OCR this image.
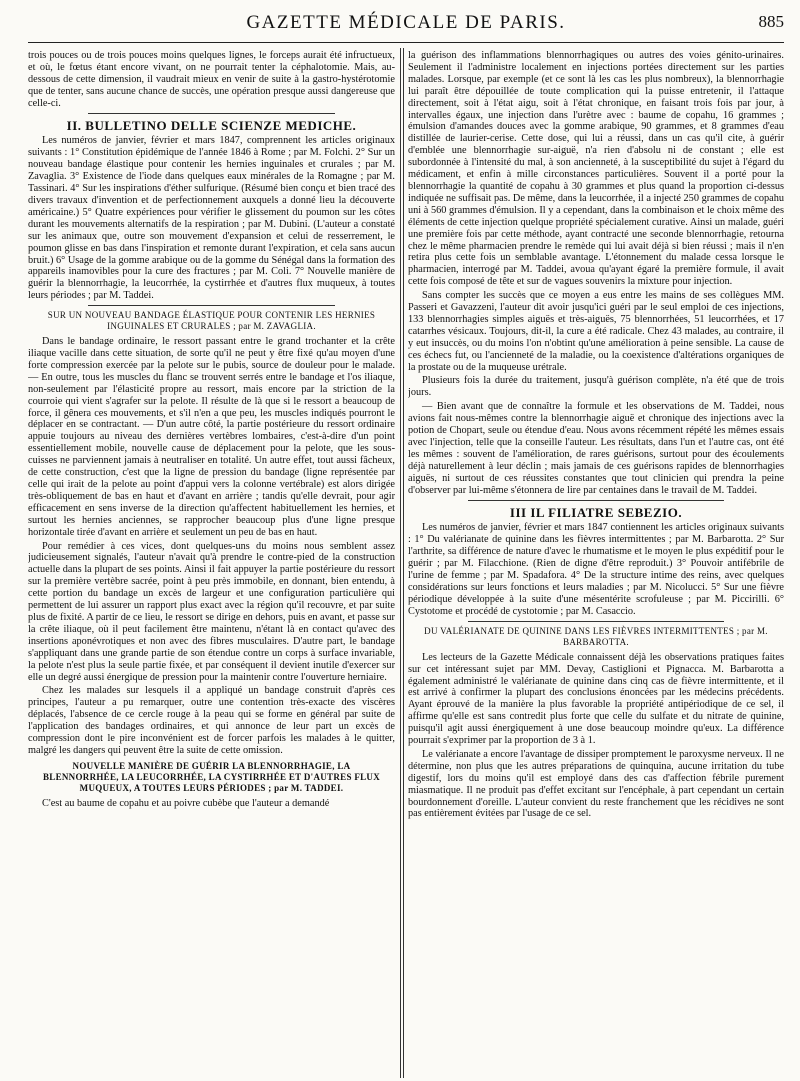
GAZETTE MÉDICALE DE PARIS.	885

trois pouces ou de trois pouces moins quelques lignes, le forceps aurait été infructueux, et où, le fœtus étant encore vivant, on ne pourrait tenter la céphalotomie. Mais, au-dessous de cette dimension, il vaudrait mieux en venir de suite à la gastro-hystérotomie que de tenter, sans aucune chance de succès, une opération presque aussi dangereuse que celle-ci.

II. BULLETINO DELLE SCIENZE MEDICHE.

Les numéros de janvier, février et mars 1847, comprennent les articles originaux suivants : 1° Constitution épidémique de l'année 1846 à Rome ; par M. Folchi. 2° Sur un nouveau bandage élastique pour contenir les hernies inguinales et crurales ; par M. Zavaglia. 3° Existence de l'iode dans quelques eaux minérales de la Romagne ; par M. Tassinari. 4° Sur les inspirations d'éther sulfurique. (Résumé bien conçu et bien tracé des divers travaux d'invention et de perfectionnement auxquels a donné lieu la découverte américaine.) 5° Quatre expériences pour vérifier le glissement du poumon sur les côtes durant les mouvements alternatifs de la respiration ; par M. Dubini. (L'auteur a constaté sur les animaux que, outre son mouvement d'expansion et celui de resserrement, le poumon glisse en bas dans l'inspiration et remonte durant l'expiration, et cela sans aucun bruit.) 6° Usage de la gomme arabique ou de la gomme du Sénégal dans la formation des appareils inamovibles pour la cure des fractures ; par M. Coli. 7° Nouvelle manière de guérir la blennorrhagie, la leucorrhée, la cystirrhée et d'autres flux muqueux, à toutes leurs périodes ; par M. Taddei.

SUR UN NOUVEAU BANDAGE ÉLASTIQUE POUR CONTENIR LES HERNIES INGUINALES ET CRURALES ; par M. ZAVAGLIA.

Dans le bandage ordinaire, le ressort passant entre le grand trochanter et la crête iliaque vacille dans cette situation, de sorte qu'il ne peut y être fixé qu'au moyen d'une forte compression exercée par la pelote sur le pubis, source de douleur pour le malade. — En outre, tous les muscles du flanc se trouvent serrés entre le bandage et l'os iliaque, non-seulement par l'élasticité propre au ressort, mais encore par la striction de la courroie qui vient s'agrafer sur la pelote. Il résulte de là que si le ressort a beaucoup de force, il gênera ces mouvements, et s'il n'en a que peu, les muscles indiqués pourront le déplacer en se contractant. — D'un autre côté, la partie postérieure du ressort ordinaire appuie toujours au niveau des dernières vertèbres lombaires, c'est-à-dire d'un point essentiellement mobile, nouvelle cause de déplacement pour la pelote, que les sous-cuisses ne parviennent jamais à neutraliser en totalité. Un autre effet, tout aussi fâcheux, de cette construction, c'est que la ligne de pression du bandage (ligne représentée par celle qui irait de la pelote au point d'appui vers la colonne vertébrale) est alors dirigée très-obliquement de bas en haut et d'avant en arrière ; tandis qu'elle devrait, pour agir efficacement en sens inverse de la direction qu'affectent habituellement les hernies, et surtout les hernies anciennes, se rapprocher beaucoup plus d'une ligne presque horizontale tirée d'avant en arrière et seulement un peu de bas en haut.

Pour remédier à ces vices, dont quelques-uns du moins nous semblent assez judicieusement signalés, l'auteur n'avait qu'à prendre le contre-pied de la construction actuelle dans la plupart de ses points. Ainsi il fait appuyer la partie postérieure du ressort sur la première vertèbre sacrée, point à peu près immobile, en donnant, bien entendu, à cette portion du bandage un excès de largeur et une configuration particulière qui permettent de lui assurer un rapport plus exact avec la région qu'il recouvre, et par suite plus de fixité. A partir de ce lieu, le ressort se dirige en dehors, puis en avant, et passe sur la crête iliaque, où il peut facilement être maintenu, n'étant là en contact qu'avec des insertions aponévrotiques et non avec des fibres musculaires. D'autre part, le bandage s'appliquant dans une grande partie de son étendue contre un corps à surface invariable, la pelote n'est plus la seule partie fixée, et par conséquent il devient inutile d'exercer sur elle un degré aussi énergique de pression pour la maintenir contre l'ouverture herniaire.

Chez les malades sur lesquels il a appliqué un bandage construit d'après ces principes, l'auteur a pu remarquer, outre une contention très-exacte des viscères déplacés, l'absence de ce cercle rouge à la peau qui se forme en général par suite de l'application des bandages ordinaires, et qui annonce de leur part un excès de compression dont le pire inconvénient est de forcer parfois les malades à le quitter, malgré les dangers qui peuvent être la suite de cette omission.

NOUVELLE MANIÈRE DE GUÉRIR LA BLENNORRHAGIE, LA BLENNORRHÉE, LA LEUCORRHÉE, LA CYSTIRRHÉE ET D'AUTRES FLUX MUQUEUX, A TOUTES LEURS PÉRIODES ; par M. TADDEI.

C'est au baume de copahu et au poivre cubèbe que l'auteur a demandé

la guérison des inflammations blennorrhagiques ou autres des voies génito-urinaires. Seulement il l'administre localement en injections portées directement sur les parties malades. Lorsque, par exemple (et ce sont là les cas les plus nombreux), la blennorrhagie lui paraît être dépouillée de toute complication qui la puisse entretenir, il l'attaque directement, soit à l'état aigu, soit à l'état chronique, en faisant trois fois par jour, à intervalles égaux, une injection dans l'urètre avec : baume de copahu, 16 grammes ; émulsion d'amandes douces avec la gomme arabique, 90 grammes, et 8 grammes d'eau distillée de laurier-cerise. Cette dose, qui lui a réussi, dans un cas qu'il cite, à guérir d'emblée une blennorrhagie sur-aiguë, n'a rien d'absolu ni de constant ; elle est subordonnée à l'intensité du mal, à son ancienneté, à la susceptibilité du sujet à l'égard du médicament, et enfin à mille circonstances particulières. Souvent il a porté pour la blennorrhagie la quantité de copahu à 30 grammes et plus quand la proportion ci-dessus indiquée ne suffisait pas. De même, dans la leucorrhée, il a injecté 250 grammes de copahu uni à 560 grammes d'émulsion. Il y a cependant, dans la combinaison et le choix même des éléments de cette injection quelque propriété spécialement curative. Ainsi un malade, guéri une première fois par cette méthode, ayant contracté une seconde blennorrhagie, retourna chez le même pharmacien prendre le remède qui lui avait déjà si bien réussi ; mais il n'en retira plus cette fois un semblable avantage. L'étonnement du malade cessa lorsque le pharmacien, interrogé par M. Taddei, avoua qu'ayant égaré la première formule, il avait cette fois composé de tête et sur de vagues souvenirs la mixture pour injection.

Sans compter les succès que ce moyen a eus entre les mains de ses collègues MM. Passeri et Gavazzeni, l'auteur dit avoir jusqu'ici guéri par le seul emploi de ces injections, 133 blennorrhagies simples aiguës et très-aiguës, 75 blennorrhées, 51 leucorrhées, et 17 catarrhes vésicaux. Toujours, dit-il, la cure a été radicale. Chez 43 malades, au contraire, il y eut insuccès, ou du moins l'on n'obtint qu'une amélioration à peine sensible. La cause de ces échecs fut, ou l'ancienneté de la maladie, ou la coexistence d'altérations organiques de la prostate ou de la muqueuse urétrale.

Plusieurs fois la durée du traitement, jusqu'à guérison complète, n'a été que de trois jours.

— Bien avant que de connaître la formule et les observations de M. Taddei, nous avions fait nous-mêmes contre la blennorrhagie aiguë et chronique des injections avec la potion de Chopart, seule ou étendue d'eau. Nous avons récemment répété les mêmes essais avec l'injection, telle que la conseille l'auteur. Les résultats, dans l'un et l'autre cas, ont été les mêmes : souvent de l'amélioration, de rares guérisons, surtout pour des écoulements déjà naturellement à leur déclin ; mais jamais de ces guérisons rapides de blennorrhagies aiguës, ni surtout de ces réussites constantes que tout clinicien qui prendra la peine d'observer par lui-même s'étonnera de lire par centaines dans le travail de M. Taddei.

III IL FILIATRE SEBEZIO.

Les numéros de janvier, février et mars 1847 contiennent les articles originaux suivants : 1° Du valérianate de quinine dans les fièvres intermittentes ; par M. Barbarotta. 2° Sur l'arthrite, sa différence de nature d'avec le rhumatisme et le moyen le plus expéditif pour le guérir ; par M. Filacchione. (Rien de digne d'être reproduit.) 3° Pouvoir antifébrile de l'urine de femme ; par M. Spadafora. 4° De la structure intime des reins, avec quelques considérations sur leurs fonctions et leurs maladies ; par M. Nicolucci. 5° Sur une fièvre périodique développée à la suite d'une mésentérite scrofuleuse ; par M. Piccirilli. 6° Cystotome et procédé de cystotomie ; par M. Casaccio.

DU VALÉRIANATE DE QUININE DANS LES FIÈVRES INTERMITTENTES ; par M. BARBAROTTA.

Les lecteurs de la Gazette Médicale connaissent déjà les observations pratiques faites sur cet intéressant sujet par MM. Devay, Castiglioni et Pignacca. M. Barbarotta a également administré le valérianate de quinine dans cinq cas de fièvre intermittente, et il est arrivé à confirmer la plupart des conclusions énoncées par les médecins précédents. Ayant éprouvé de la manière la plus favorable la propriété antipériodique de ce sel, il affirme qu'elle est sans contredit plus forte que celle du sulfate et du nitrate de quinine, puisqu'il agit aussi énergiquement à une dose beaucoup moindre qu'eux. La différence pourrait s'exprimer par la proportion de 3 à 1.

Le valérianate a encore l'avantage de dissiper promptement le paroxysme nerveux. Il ne détermine, non plus que les autres préparations de quinquina, aucune irritation du tube digestif, lors du moins qu'il est employé dans des cas d'affection fébrile purement miasmatique. Il ne produit pas d'effet excitant sur l'encéphale, à part cependant un certain bourdonnement d'oreille. L'auteur convient du reste franchement que les récidives ne sont pas entièrement évitées par l'usage de ce sel.
